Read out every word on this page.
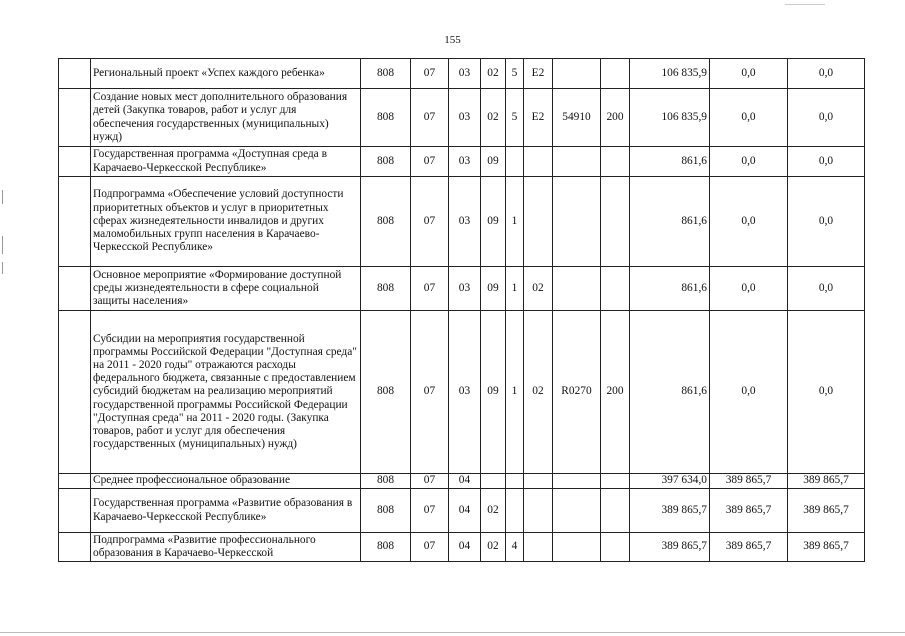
155
	Региональный проект «Успех каждого ребенка»	808	07	03	02	5	E2			106 835,9	0,0	0,0
	Создание новых мест дополнительного образования детей (Закупка товаров, работ и услуг для обеспечения государственных (муниципальных) нужд)	808	07	03	02	5	E2	54910	200	106 835,9	0,0	0,0
	Государственная программа «Доступная среда в Карачаево-Черкесской Республике»	808	07	03	09					861,6	0,0	0,0
	Подпрограмма «Обеспечение условий доступности приоритетных объектов и услуг в приоритетных сферах жизнедеятельности инвалидов и других маломобильных групп населения в Карачаево-Черкесской Республике»	808	07	03	09	1				861,6	0,0	0,0
	Основное мероприятие «Формирование доступной среды жизнедеятельности в сфере социальной защиты населения»	808	07	03	09	1	02			861,6	0,0	0,0
	Субсидии на мероприятия государственной программы Российской Федерации "Доступная среда" на 2011 - 2020 годы" отражаются расходы федерального бюджета, связанные с предоставлением субсидий бюджетам на реализацию мероприятий государственной программы Российской Федерации "Доступная среда" на 2011 - 2020 годы. (Закупка товаров, работ и услуг для обеспечения государственных (муниципальных) нужд)	808	07	03	09	1	02	R0270	200	861,6	0,0	0,0
	Среднее профессиональное образование	808	07	04						397 634,0	389 865,7	389 865,7
	Государственная программа «Развитие образования в Карачаево-Черкесской Республике»	808	07	04	02					389 865,7	389 865,7	389 865,7
	Подпрограмма «Развитие профессионального образования в Карачаево-Черкесской	808	07	04	02	4				389 865,7	389 865,7	389 865,7
